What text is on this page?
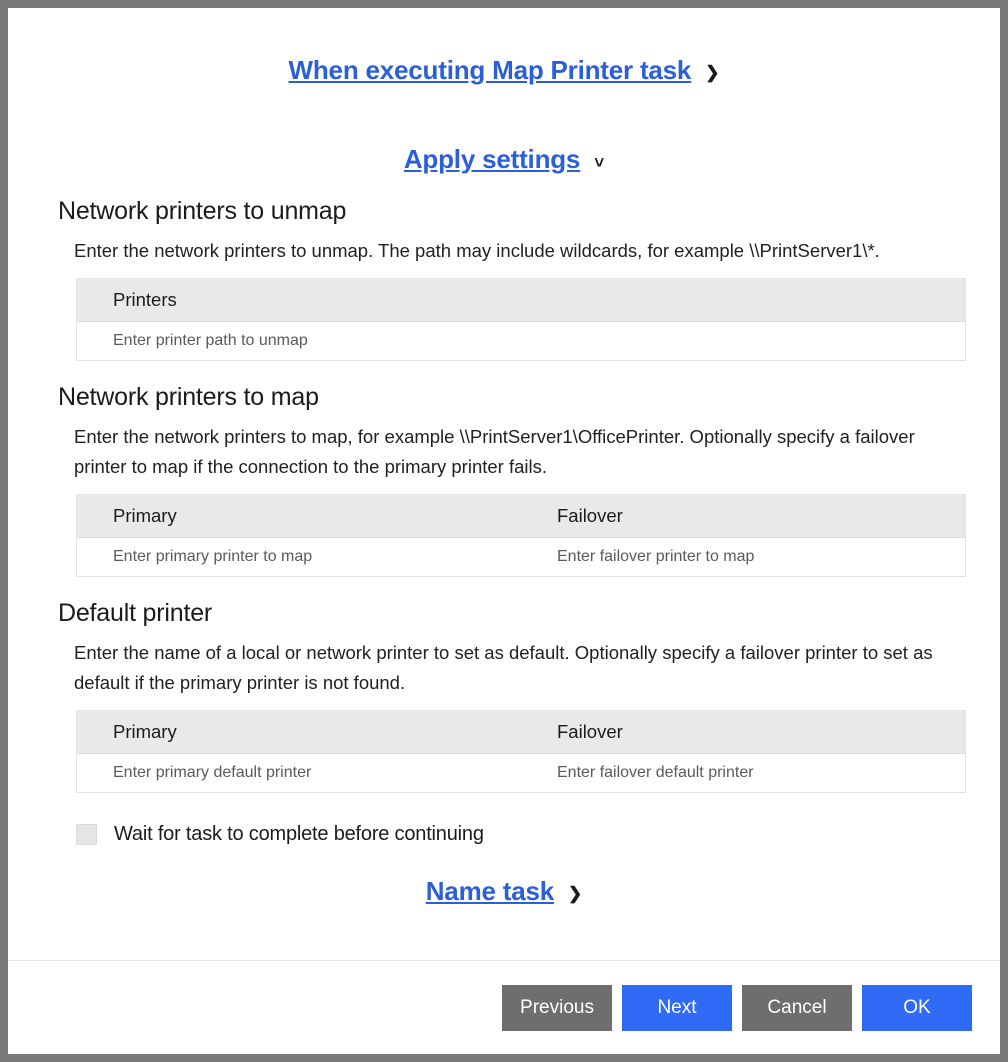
When executing Map Printer task ❯
Apply settings ˅
Network printers to unmap
Enter the network printers to unmap. The path may include wildcards, for example \\PrintServer1\*.
Printers
Enter printer path to unmap
Network printers to map
Enter the network printers to map, for example \\PrintServer1\OfficePrinter. Optionally specify a failover printer to map if the connection to the primary printer fails.
Primary	Failover
Enter primary printer to map	Enter failover printer to map
Default printer
Enter the name of a local or network printer to set as default. Optionally specify a failover printer to set as default if the primary printer is not found.
Primary	Failover
Enter primary default printer	Enter failover default printer
Wait for task to complete before continuing
Name task ❯
Previous	Next	Cancel	OK
